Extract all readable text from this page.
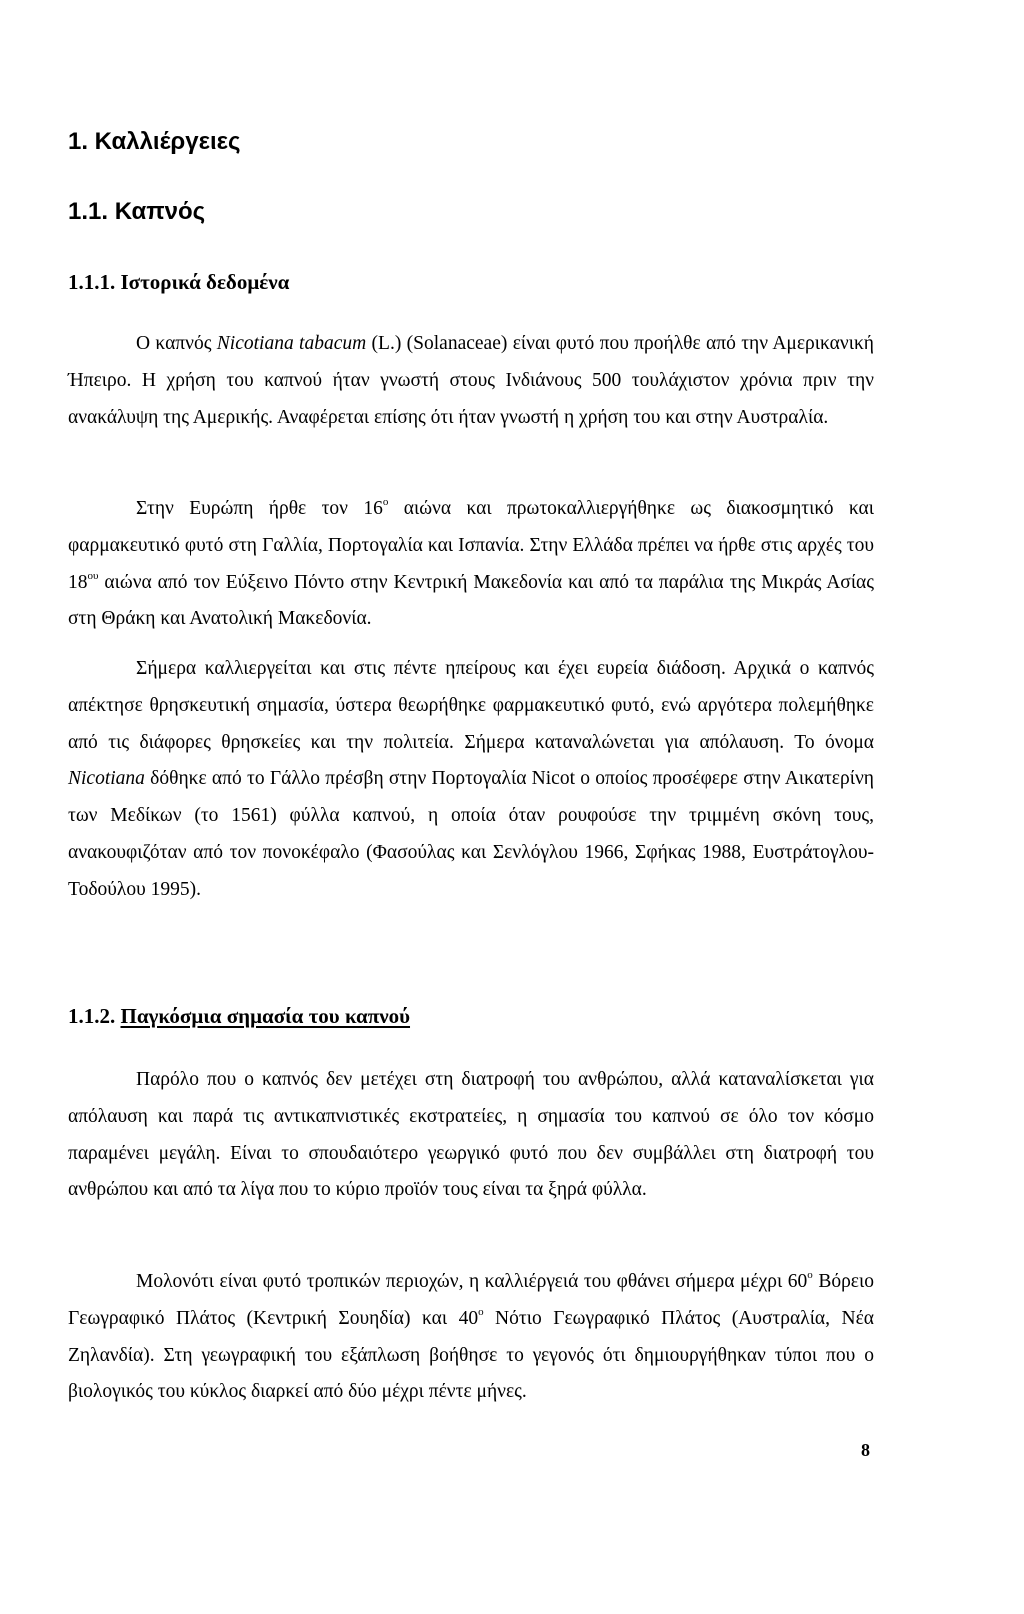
1. Καλλιέργειες
1.1. Καπνός
1.1.1. Ιστορικά δεδομένα

Ο καπνός Nicotiana tabacum (L.) (Solanaceae) είναι φυτό που προήλθε από την Αμερικανική Ήπειρο. Η χρήση του καπνού ήταν γνωστή στους Ινδιάνους 500 τουλάχιστον χρόνια πριν την ανακάλυψη της Αμερικής. Αναφέρεται επίσης ότι ήταν γνωστή η χρήση του και στην Αυστραλία.

Στην Ευρώπη ήρθε τον $16^o$ αιώνα και πρωτοκαλλιεργήθηκε ως διακοσμητικό και φαρμακευτικό φυτό στη Γαλλία, Πορτογαλία και Ισπανία. Στην Ελλάδα πρέπει να ήρθε στις αρχές του $18^{o\upsilon}$ αιώνα από τον Εύξεινο Πόντο στην Κεντρική Μακεδονία και από τα παράλια της Μικράς Ασίας στη Θράκη και Ανατολική Μακεδονία.

Σήμερα καλλιεργείται και στις πέντε ηπείρους και έχει ευρεία διάδοση. Αρχικά ο καπνός απέκτησε θρησκευτική σημασία, ύστερα θεωρήθηκε φαρμακευτικό φυτό, ενώ αργότερα πολεμήθηκε από τις διάφορες θρησκείες και την πολιτεία. Σήμερα καταναλώνεται για απόλαυση. Το όνομα Nicotiana δόθηκε από το Γάλλο πρέσβη στην Πορτογαλία Nicot ο οποίος προσέφερε στην Αικατερίνη των Μεδίκων (το 1561) φύλλα καπνού, η οποία όταν ρουφούσε την τριμμένη σκόνη τους, ανακουφιζόταν από τον πονοκέφαλο (Φασούλας και Σενλόγλου 1966, Σφήκας 1988, Ευστράτογλου- Τοδούλου 1995).

1.1.2. Παγκόσμια σημασία του καπνού

Παρόλο που ο καπνός δεν μετέχει στη διατροφή του ανθρώπου, αλλά καταναλίσκεται για απόλαυση και παρά τις αντικαπνιστικές εκστρατείες, η σημασία του καπνού σε όλο τον κόσμο παραμένει μεγάλη. Είναι το σπουδαιότερο γεωργικό φυτό που δεν συμβάλλει στη διατροφή του ανθρώπου και από τα λίγα που το κύριο προϊόν τους είναι τα ξηρά φύλλα.

Μολονότι είναι φυτό τροπικών περιοχών, η καλλιέργειά του φθάνει σήμερα μέχρι $60^o$ Βόρειο Γεωγραφικό Πλάτος (Κεντρική Σουηδία) και $40^o$ Νότιο Γεωγραφικό Πλάτος (Αυστραλία, Νέα Ζηλανδία). Στη γεωγραφική του εξάπλωση βοήθησε το γεγονός ότι δημιουργήθηκαν τύποι που ο βιολογικός του κύκλος διαρκεί από δύο μέχρι πέντε μήνες.

8
